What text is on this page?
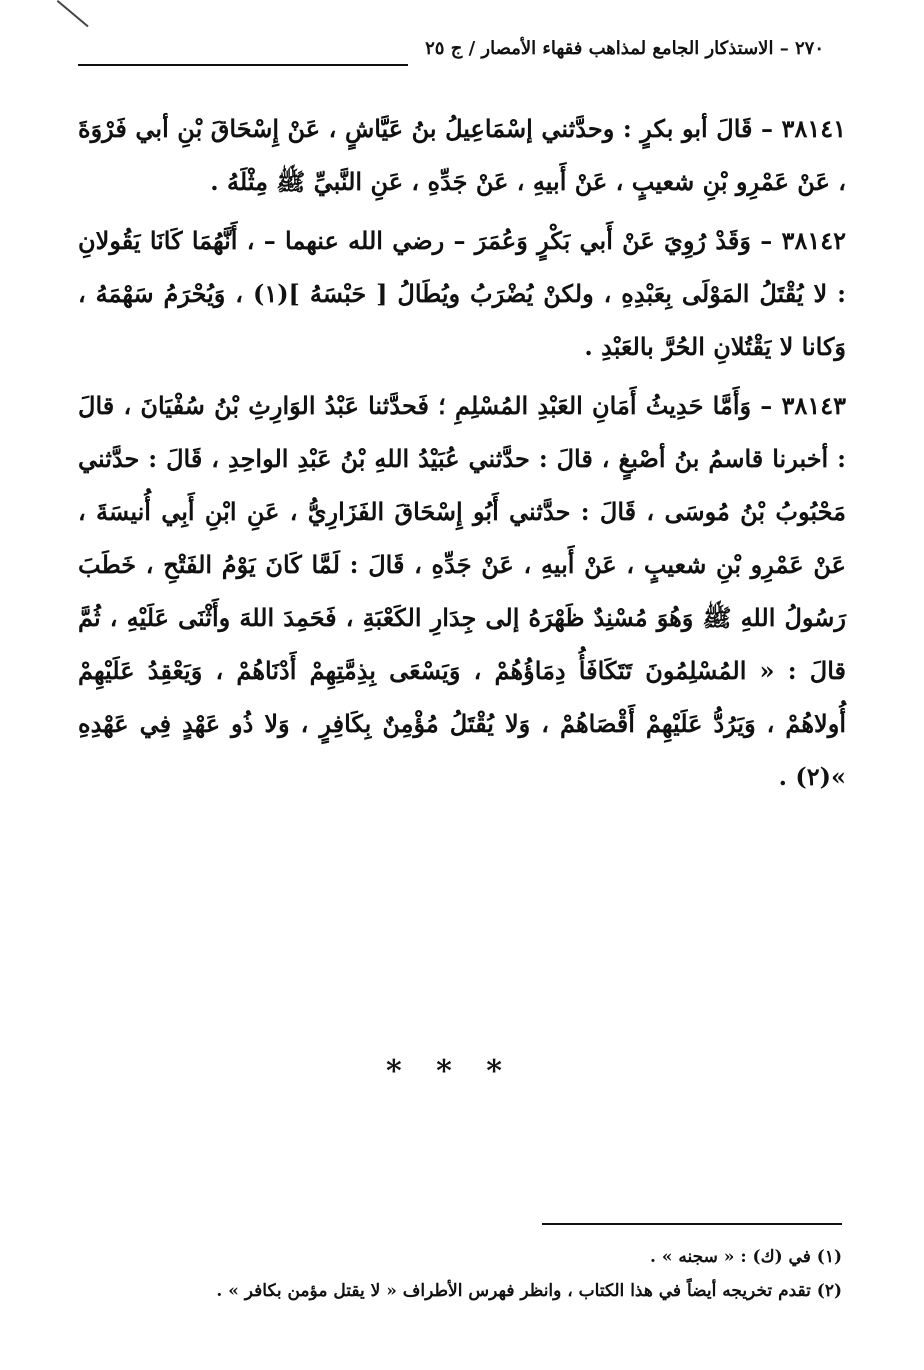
٢٧٠ – الاستذكار الجامع لمذاهب فقهاء الأمصار / ج ٢٥

٣٨١٤١ – قَالَ أبو بكرٍ : وحدَّثني إسْمَاعِيلُ بنُ عَيَّاشٍ ، عَنْ إِسْحَاقَ بْنِ أبي فَرْوَةَ ، عَنْ عَمْرِو بْنِ شعيبٍ ، عَنْ أَبيهِ ، عَنْ جَدِّهِ ، عَنِ النَّبيِّ ﷺ مِثْلَهُ .

٣٨١٤٢ – وَقَدْ رُوِيَ عَنْ أَبي بَكْرٍ وَعُمَرَ – رضي الله عنهما – ، أَنَّهُمَا كَانَا يَقُولانِ : لا يُقْتَلُ المَوْلَى بِعَبْدِهِ ، ولكنْ يُضْرَبُ ويُطَالُ [ حَبْسَهُ ](١) ، وَيُحْرَمُ سَهْمَهُ ، وَكانا لا يَقْتُلانِ الحُرَّ بالعَبْدِ .

٣٨١٤٣ – وَأَمَّا حَدِيثُ أَمَانِ العَبْدِ المُسْلِمِ ؛ فَحدَّثنا عَبْدُ الوَارِثِ بْنُ سُفْيَانَ ، قالَ : أخبرنا قاسمُ بنُ أصْبغٍ ، قالَ : حدَّثني عُبَيْدُ اللهِ بْنُ عَبْدِ الواحِدِ ، قَالَ : حدَّثني مَحْبُوبُ بْنُ مُوسَى ، قَالَ : حدَّثني أَبُو إِسْحَاقَ الفَزَارِيُّ ، عَنِ ابْنِ أَبِي أُنيسَةَ ، عَنْ عَمْرِو بْنِ شعيبٍ ، عَنْ أَبيهِ ، عَنْ جَدِّهِ ، قَالَ : لَمَّا كَانَ يَوْمُ الفَتْحِ ، خَطَبَ رَسُولُ اللهِ ﷺ وَهُوَ مُسْنِدٌ ظَهْرَهُ إلى جِدَارِ الكَعْبَةِ ، فَحَمِدَ اللهَ وأَثْنَى عَلَيْهِ ، ثُمَّ قالَ : « المُسْلِمُونَ تَتَكَافَأُ دِمَاؤُهُمْ ، وَيَسْعَى بِذِمَّتِهِمْ أَدْنَاهُمْ ، وَيَعْقِدُ عَلَيْهِمْ أُولاهُمْ ، وَيَرُدُّ عَلَيْهِمْ أَقْصَاهُمْ ، وَلا يُقْتَلُ مُؤْمِنٌ بِكَافِرٍ ، وَلا ذُو عَهْدٍ فِي عَهْدِهِ »(٢) .

* * *

(١) في (ك) : « سجنه » .

(٢) تقدم تخريجه أيضاً في هذا الكتاب ، وانظر فهرس الأطراف « لا يقتل مؤمن بكافر » .
